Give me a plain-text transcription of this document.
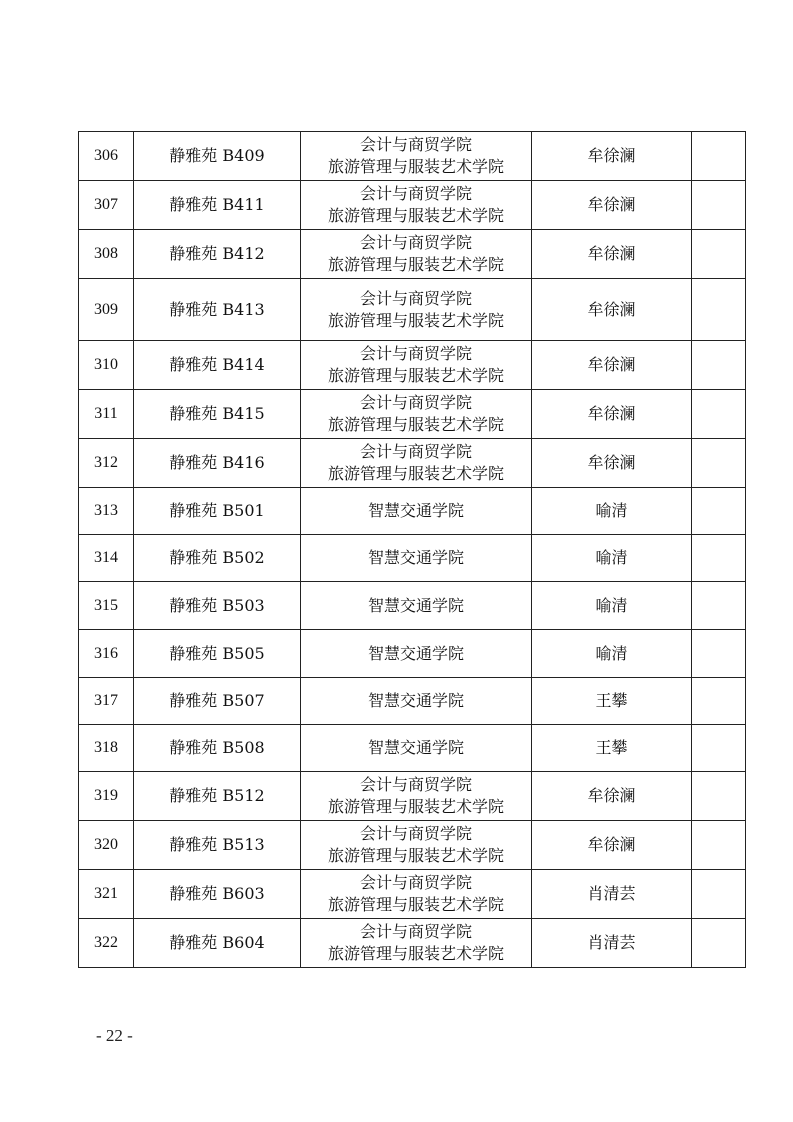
306	静雅苑 B409	会计与商贸学院
旅游管理与服装艺术学院	牟徐澜	
307	静雅苑 B411	会计与商贸学院
旅游管理与服装艺术学院	牟徐澜	
308	静雅苑 B412	会计与商贸学院
旅游管理与服装艺术学院	牟徐澜	
309	静雅苑 B413	会计与商贸学院
旅游管理与服装艺术学院	牟徐澜	
310	静雅苑 B414	会计与商贸学院
旅游管理与服装艺术学院	牟徐澜	
311	静雅苑 B415	会计与商贸学院
旅游管理与服装艺术学院	牟徐澜	
312	静雅苑 B416	会计与商贸学院
旅游管理与服装艺术学院	牟徐澜	
313	静雅苑 B501	智慧交通学院	喻清	
314	静雅苑 B502	智慧交通学院	喻清	
315	静雅苑 B503	智慧交通学院	喻清	
316	静雅苑 B505	智慧交通学院	喻清	
317	静雅苑 B507	智慧交通学院	王攀	
318	静雅苑 B508	智慧交通学院	王攀	
319	静雅苑 B512	会计与商贸学院
旅游管理与服装艺术学院	牟徐澜	
320	静雅苑 B513	会计与商贸学院
旅游管理与服装艺术学院	牟徐澜	
321	静雅苑 B603	会计与商贸学院
旅游管理与服装艺术学院	肖清芸	
322	静雅苑 B604	会计与商贸学院
旅游管理与服装艺术学院	肖清芸	
- 22 -
